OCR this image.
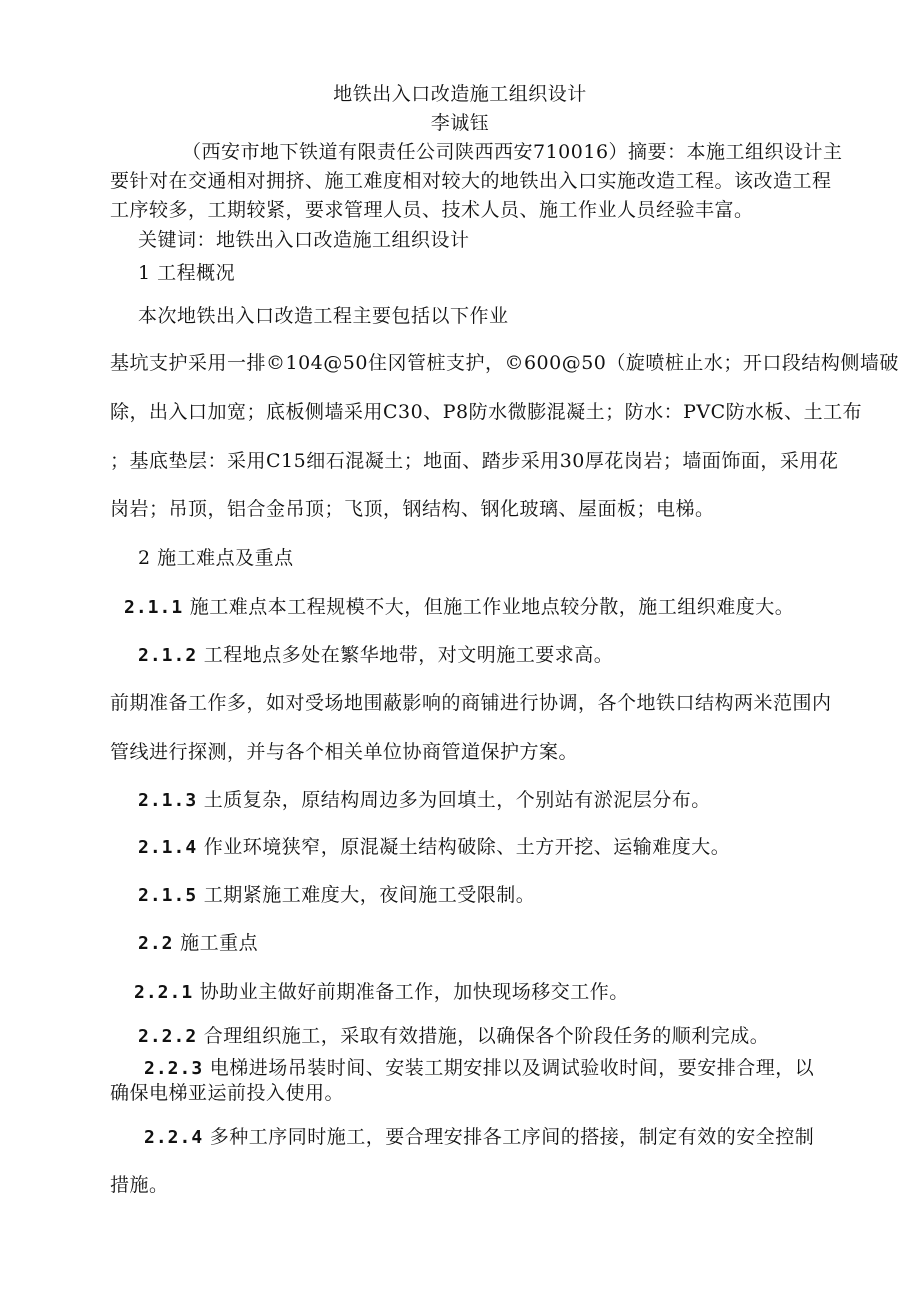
地铁出入口改造施工组织设计
李诚钰
（西安市地下铁道有限责任公司陕西西安710016）摘要：本施工组织设计主
要针对在交通相对拥挤、施工难度相对较大的地铁出入口实施改造工程。该改造工程
工序较多，工期较紧，要求管理人员、技术人员、施工作业人员经验丰富。
关键词：地铁出入口改造施工组织设计
1 工程概况
本次地铁出入口改造工程主要包括以下作业
基坑支护采用一排©104@50住冈管桩支护，©600@50（旋喷桩止水；开口段结构侧墙破
除，出入口加宽；底板侧墙采用C30、P8防水微膨混凝土；防水：PVC防水板、土工布
；基底垫层：采用C15细石混凝土；地面、踏步采用30厚花岗岩；墙面饰面，采用花
岗岩；吊顶，铝合金吊顶；飞顶，钢结构、钢化玻璃、屋面板；电梯。
2 施工难点及重点
2.1.1 施工难点本工程规模不大，但施工作业地点较分散，施工组织难度大。
2.1.2 工程地点多处在繁华地带，对文明施工要求高。
前期准备工作多，如对受场地围蔽影响的商铺进行协调，各个地铁口结构两米范围内
管线进行探测，并与各个相关单位协商管道保护方案。
2.1.3 土质复杂，原结构周边多为回填土，个别站有淤泥层分布。
2.1.4 作业环境狭窄，原混凝土结构破除、土方开挖、运输难度大。
2.1.5 工期紧施工难度大，夜间施工受限制。
2.2 施工重点
2.2.1 协助业主做好前期准备工作，加快现场移交工作。
2.2.2 合理组织施工，采取有效措施，以确保各个阶段任务的顺利完成。
2.2.3 电梯进场吊装时间、安装工期安排以及调试验收时间，要安排合理，以
确保电梯亚运前投入使用。
2.2.4 多种工序同时施工，要合理安排各工序间的搭接，制定有效的安全控制
措施。
